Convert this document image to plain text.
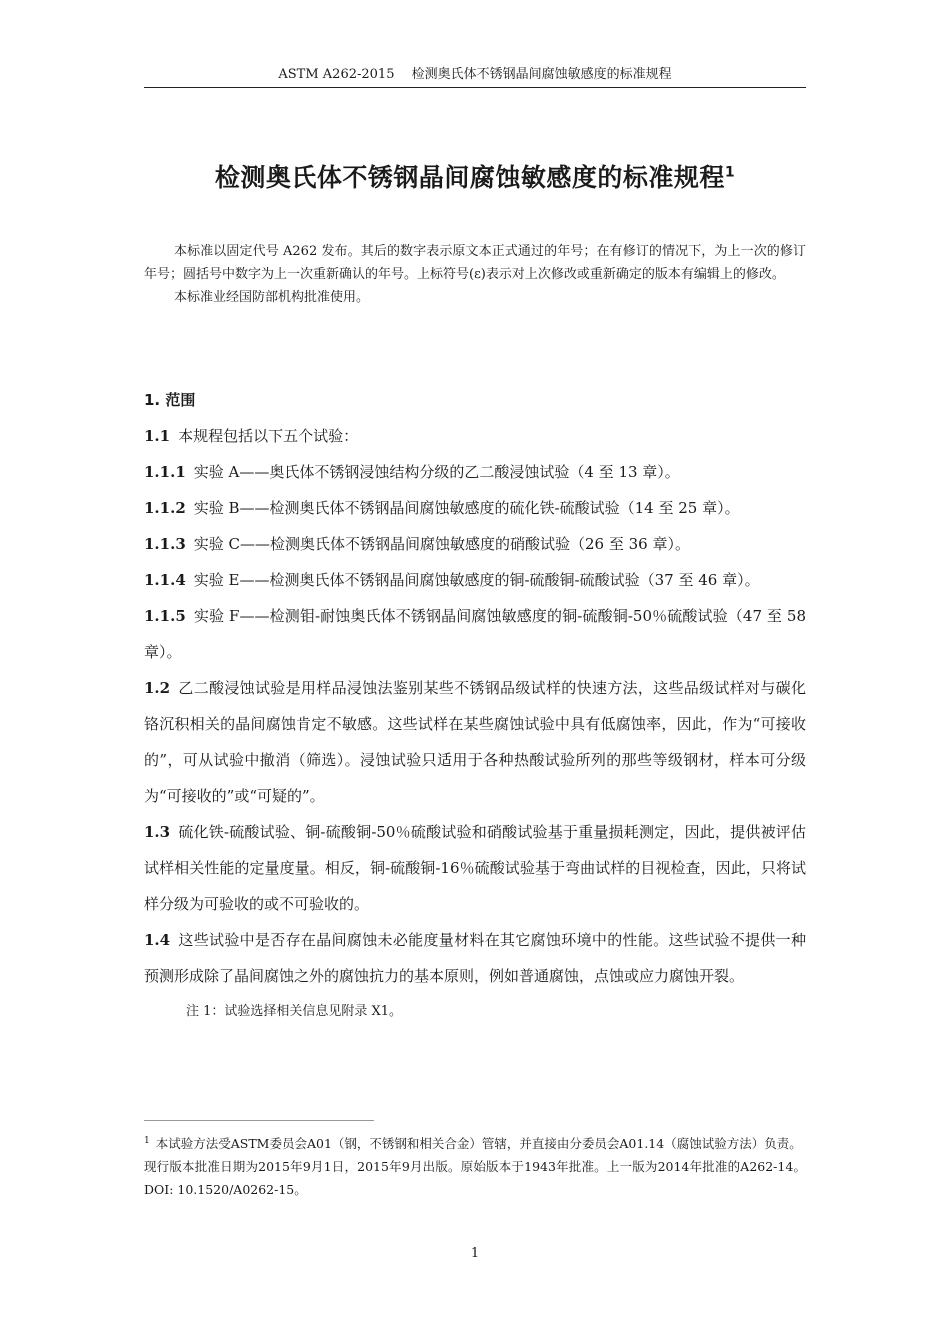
ASTM A262-2015　 检测奥氏体不锈钢晶间腐蚀敏感度的标准规程
检测奥氏体不锈钢晶间腐蚀敏感度的标准规程$^1$

本标准以固定代号 A262 发布。其后的数字表示原文本正式通过的年号；在有修订的情况下，为上一次的修订年号；圆括号中数字为上一次重新确认的年号。上标符号(ε)表示对上次修改或重新确定的版本有编辑上的修改。

本标准业经国防部机构批准使用。

1. 范围

1.1 本规程包括以下五个试验：

1.1.1 实验 A——奥氏体不锈钢浸蚀结构分级的乙二酸浸蚀试验（4 至 13 章）。

1.1.2 实验 B——检测奥氏体不锈钢晶间腐蚀敏感度的硫化铁-硫酸试验（14 至 25 章）。

1.1.3 实验 C——检测奥氏体不锈钢晶间腐蚀敏感度的硝酸试验（26 至 36 章）。

1.1.4 实验 E——检测奥氏体不锈钢晶间腐蚀敏感度的铜-硫酸铜-硫酸试验（37 至 46 章）。

1.1.5 实验 F——检测钼-耐蚀奥氏体不锈钢晶间腐蚀敏感度的铜-硫酸铜-50％硫酸试验（47 至 58 章）。

1.2 乙二酸浸蚀试验是用样品浸蚀法鉴别某些不锈钢品级试样的快速方法，这些品级试样对与碳化铬沉积相关的晶间腐蚀肯定不敏感。这些试样在某些腐蚀试验中具有低腐蚀率，因此，作为“可接收的”，可从试验中撤消（筛选）。浸蚀试验只适用于各种热酸试验所列的那些等级钢材，样本可分级为“可接收的”或“可疑的”。

1.3 硫化铁-硫酸试验、铜-硫酸铜-50％硫酸试验和硝酸试验基于重量损耗测定，因此，提供被评估试样相关性能的定量度量。相反，铜-硫酸铜-16％硫酸试验基于弯曲试样的目视检查，因此，只将试样分级为可验收的或不可验收的。

1.4 这些试验中是否存在晶间腐蚀未必能度量材料在其它腐蚀环境中的性能。这些试验不提供一种预测形成除了晶间腐蚀之外的腐蚀抗力的基本原则，例如普通腐蚀，点蚀或应力腐蚀开裂。

注 1：试验选择相关信息见附录 X1。

$^1$ 本试验方法受ASTM委员会A01（钢，不锈钢和相关合金）管辖，并直接由分委员会A01.14（腐蚀试验方法）负责。

现行版本批准日期为2015年9月1日，2015年9月出版。原始版本于1943年批准。上一版为2014年批准的A262-14。DOI: 10.1520/A0262-15。

1
